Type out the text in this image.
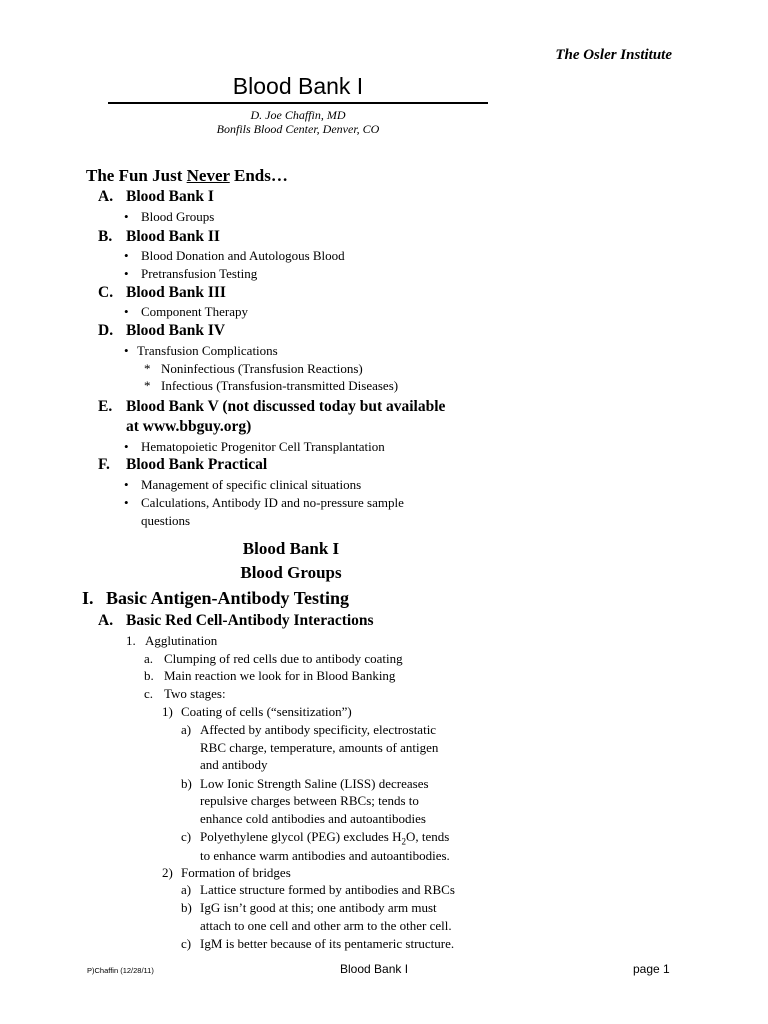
The Osler Institute
Blood Bank I
D. Joe Chaffin, MD
Bonfils Blood Center, Denver, CO
The Fun Just Never Ends…
A. Blood Bank I
• Blood Groups
B. Blood Bank II
• Blood Donation and Autologous Blood
• Pretransfusion Testing
C. Blood Bank III
• Component Therapy
D. Blood Bank IV
• Transfusion Complications
* Noninfectious (Transfusion Reactions)
* Infectious (Transfusion-transmitted Diseases)
E. Blood Bank V (not discussed today but available
at www.bbguy.org)
• Hematopoietic Progenitor Cell Transplantation
F. Blood Bank Practical
• Management of specific clinical situations
• Calculations, Antibody ID and no-pressure sample
questions
Blood Bank I
Blood Groups
I. Basic Antigen-Antibody Testing
A. Basic Red Cell-Antibody Interactions
1. Agglutination
a. Clumping of red cells due to antibody coating
b. Main reaction we look for in Blood Banking
c. Two stages:
1) Coating of cells (“sensitization”)
a) Affected by antibody specificity, electrostatic
RBC charge, temperature, amounts of antigen
and antibody
b) Low Ionic Strength Saline (LISS) decreases
repulsive charges between RBCs; tends to
enhance cold antibodies and autoantibodies
c) Polyethylene glycol (PEG) excludes $H_2O$, tends
to enhance warm antibodies and autoantibodies.
2) Formation of bridges
a) Lattice structure formed by antibodies and RBCs
b) IgG isn’t good at this; one antibody arm must
attach to one cell and other arm to the other cell.
c) IgM is better because of its pentameric structure.
P)Chaffin (12/28/11)	Blood Bank I	page 1
